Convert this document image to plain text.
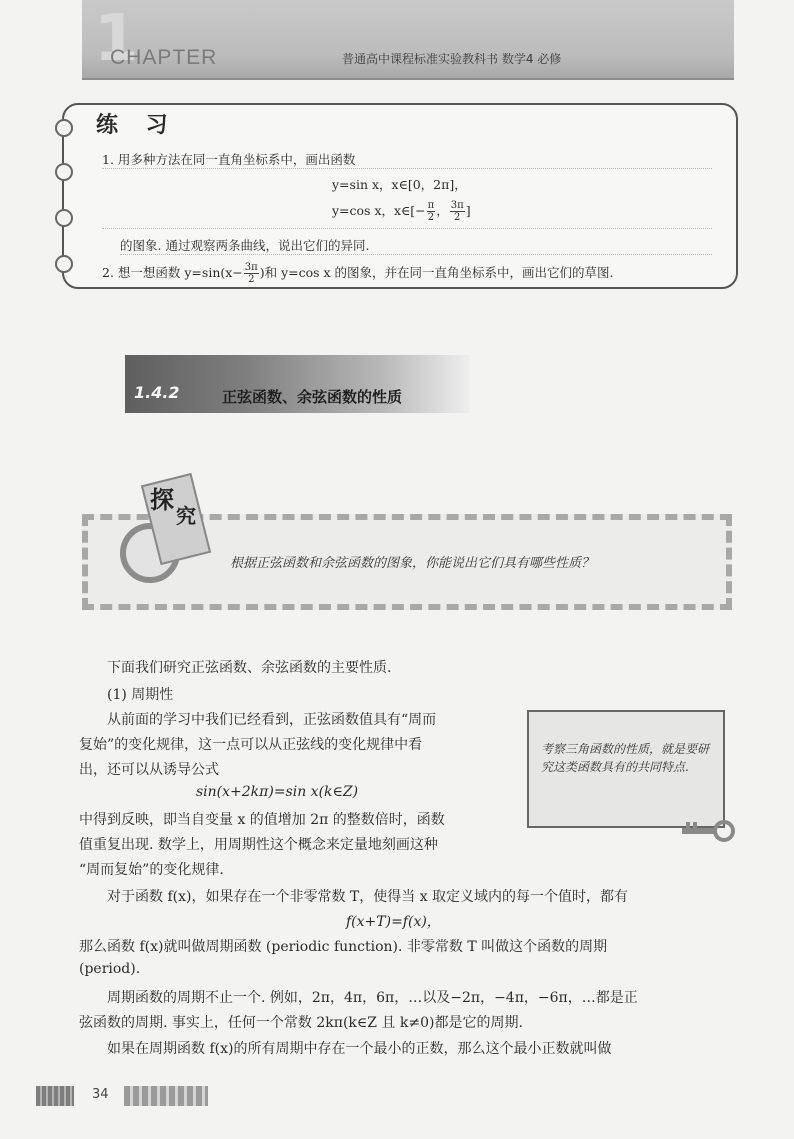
1
CHAPTER	普通高中课程标准实验教科书 数学4 必修
练 习
1. 用多种方法在同一直角坐标系中，画出函数
y=sin x，x∈[0，2π]，
y=cos x，x∈[− $\frac{\pi}{2}$ ， $\frac{3\pi}{2}$ ]
的图象. 通过观察两条曲线，说出它们的异同.
2. 想一想函数 $y=\sin(x- \frac{3\pi}{2}$ )和 y=cos x 的图象，并在同一直角坐标系中，画出它们的草图.
1.4.2	正弦函数、余弦函数的性质
探
究
根据正弦函数和余弦函数的图象，你能说出它们具有哪些性质？
下面我们研究正弦函数、余弦函数的主要性质.
(1) 周期性
从前面的学习中我们已经看到，正弦函数值具有“周而
复始”的变化规律，这一点可以从正弦线的变化规律中看
出，还可以从诱导公式
sin(x+2kπ)=sin x(k∈Z)
中得到反映，即当自变量 x 的值增加 2π 的整数倍时，函数
值重复出现. 数学上，用周期性这个概念来定量地刻画这种
“周而复始”的变化规律.
对于函数 f(x)，如果存在一个非零常数 T，使得当 x 取定义域内的每一个值时，都有
f(x+T)=f(x)，
那么函数 f(x)就叫做周期函数 (periodic function). 非零常数 T 叫做这个函数的周期
(period).
周期函数的周期不止一个. 例如，2π，4π，6π，…以及−2π，−4π，−6π，…都是正
弦函数的周期. 事实上，任何一个常数 2kπ(k∈Z 且 k≠0)都是它的周期.
如果在周期函数 f(x)的所有周期中存在一个最小的正数，那么这个最小正数就叫做
考察三角函数的性质，就是要研究这类函数具有的共同特点.
34
